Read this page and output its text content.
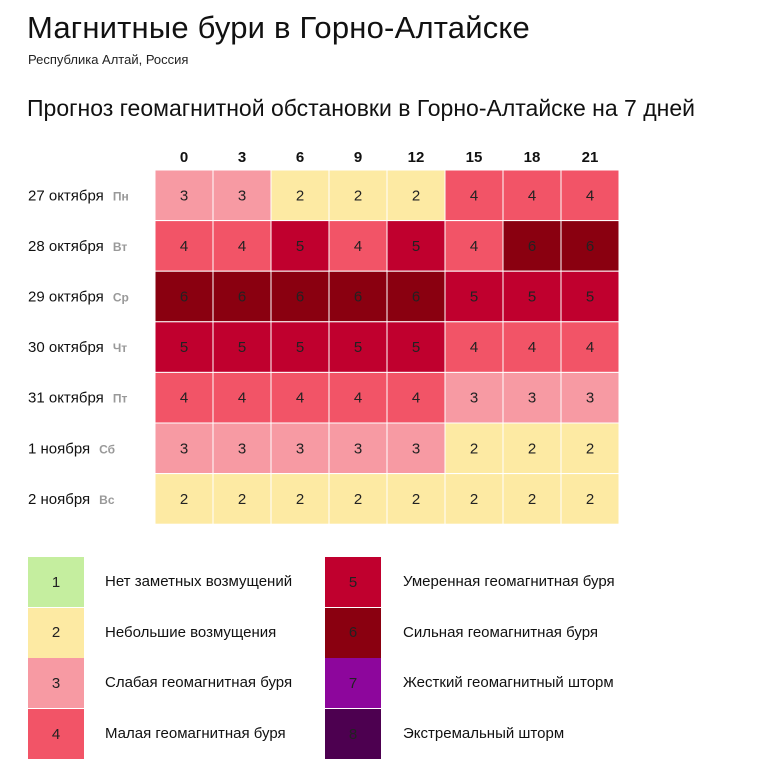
Магнитные бури в Горно-Алтайске
Республика Алтай, Россия
Прогноз геомагнитной обстановки в Горно-Алтайске на 7 дней
0	3	6	9	12	15	18	21
27 октября Пн	3	3	2	2	2	4	4	4
28 октября Вт	4	4	5	4	5	4	6	6
29 октября Ср	6	6	6	6	6	5	5	5
30 октября Чт	5	5	5	5	5	4	4	4
31 октября Пт	4	4	4	4	4	3	3	3
1 ноября Сб	3	3	3	3	3	2	2	2
2 ноября Вс	2	2	2	2	2	2	2	2
1	Нет заметных возмущений
2	Небольшие возмущения
3	Слабая геомагнитная буря
4	Малая геомагнитная буря
5	Умеренная геомагнитная буря
6	Сильная геомагнитная буря
7	Жесткий геомагнитный шторм
8	Экстремальный шторм
